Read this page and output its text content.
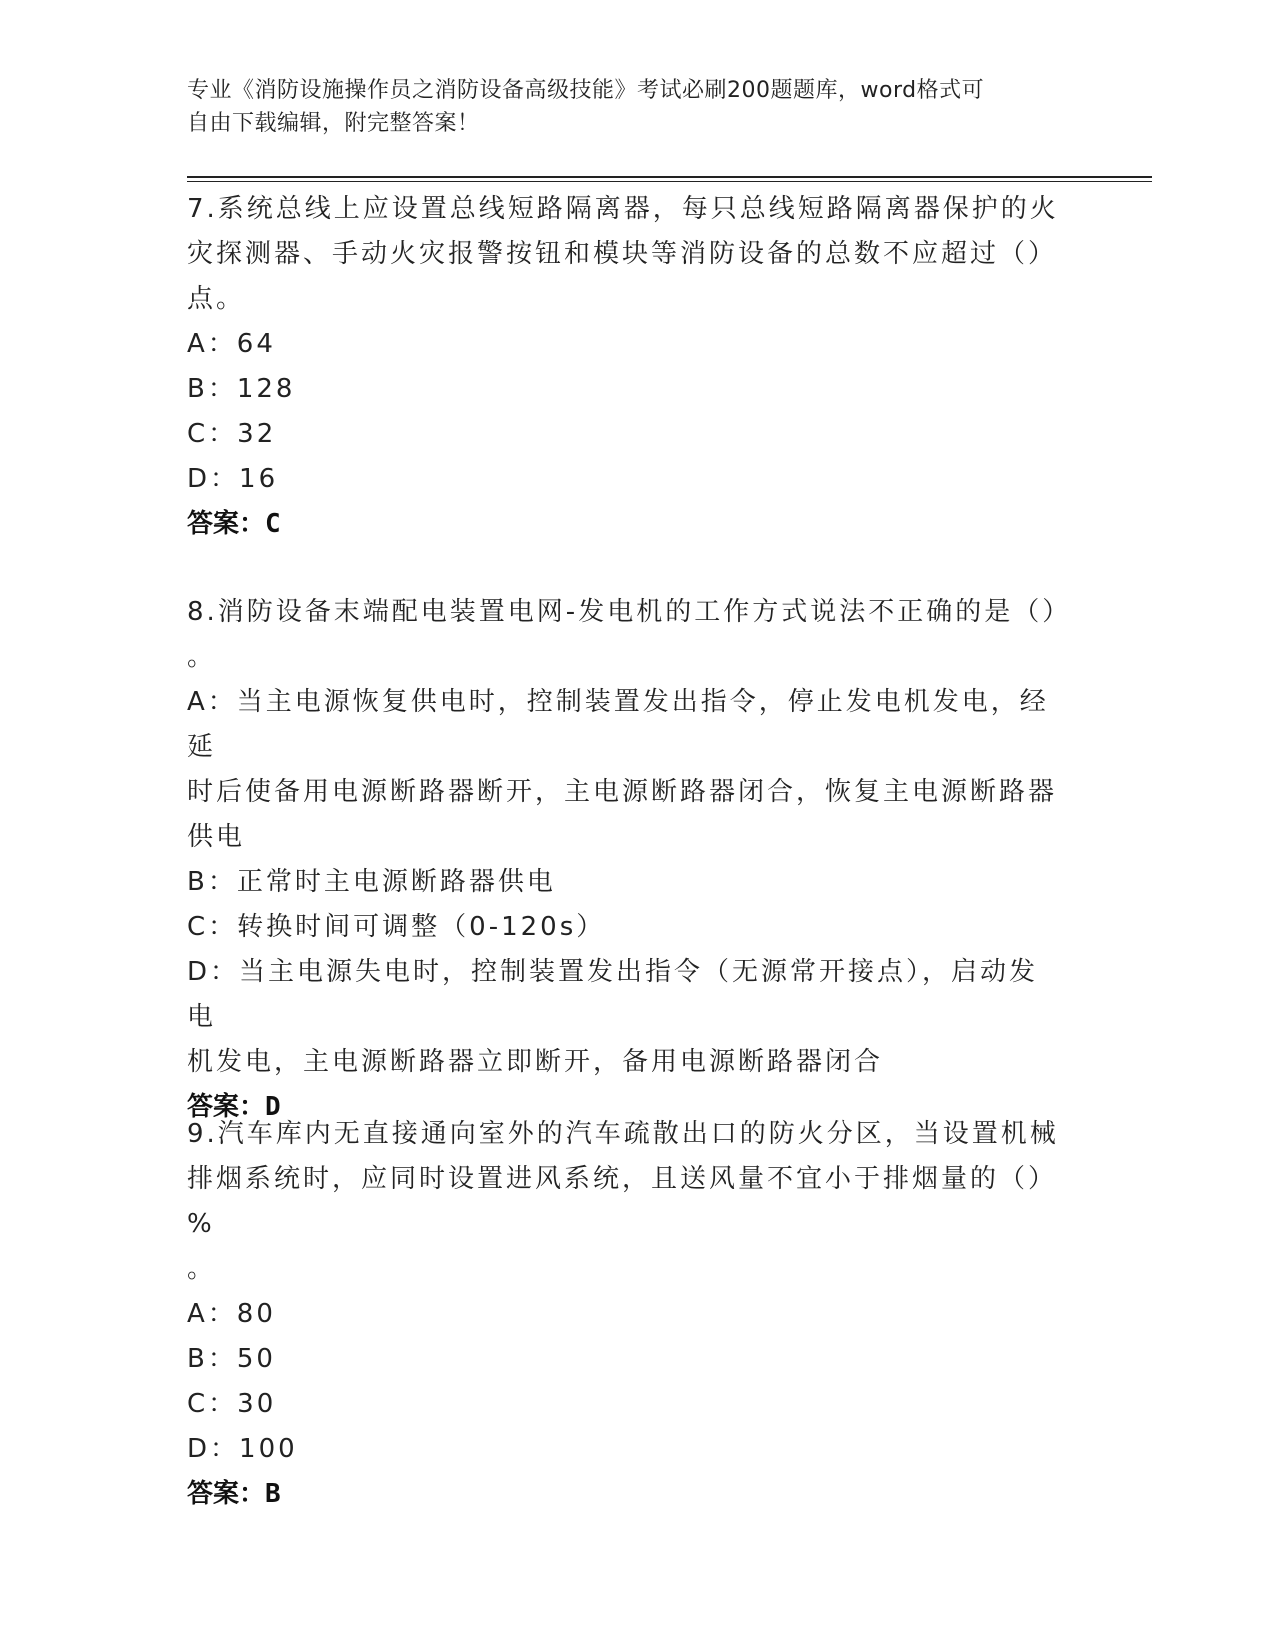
专业《消防设施操作员之消防设备高级技能》考试必刷200题题库，word格式可
自由下载编辑，附完整答案！
7.系统总线上应设置总线短路隔离器，每只总线短路隔离器保护的火
灾探测器、手动火灾报警按钮和模块等消防设备的总数不应超过（）
点。
A：64
B：128
C：32
D：16
答案：C
8.消防设备末端配电装置电网-发电机的工作方式说法不正确的是（）
。
A：当主电源恢复供电时，控制装置发出指令，停止发电机发电，经延
时后使备用电源断路器断开，主电源断路器闭合，恢复主电源断路器
供电
B：正常时主电源断路器供电
C：转换时间可调整（0-120s）
D：当主电源失电时，控制装置发出指令（无源常开接点），启动发电
机发电，主电源断路器立即断开，备用电源断路器闭合
答案：D
9.汽车库内无直接通向室外的汽车疏散出口的防火分区，当设置机械
排烟系统时，应同时设置进风系统，且送风量不宜小于排烟量的（）%
。
A：80
B：50
C：30
D：100
答案：B
